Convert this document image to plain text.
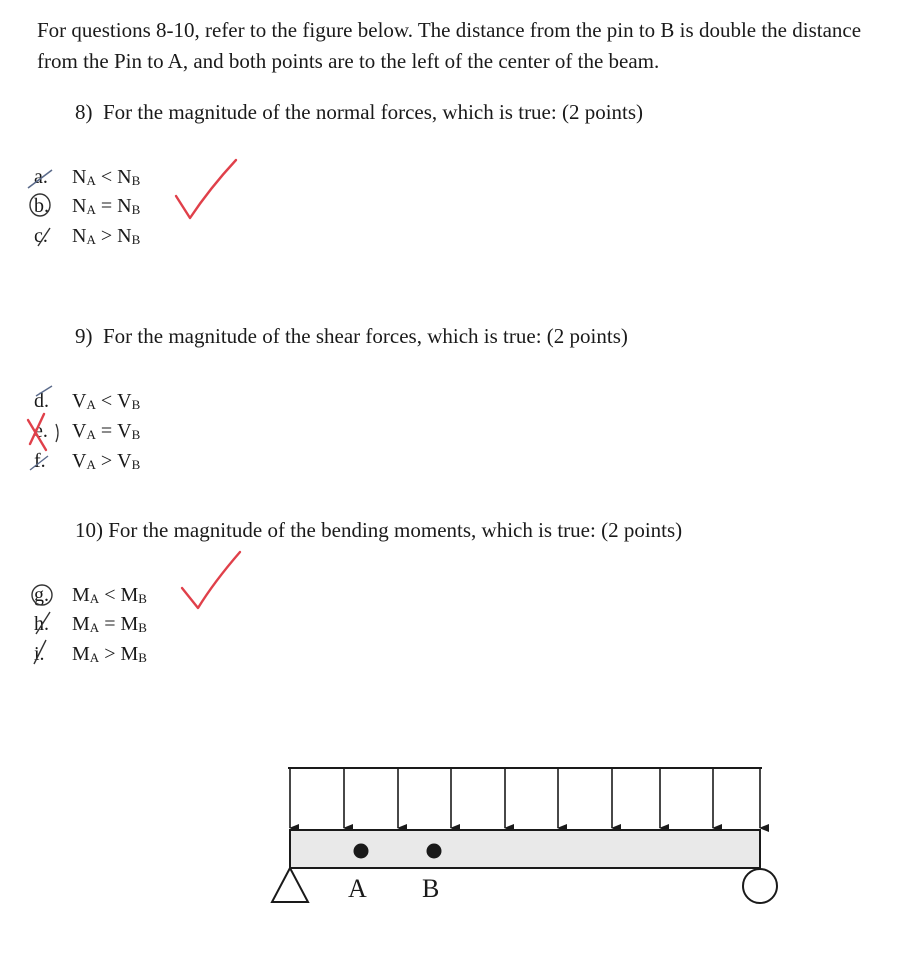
For questions 8-10, refer to the figure below. The distance from the pin to B is double the distance from the Pin to A, and both points are to the left of the center of the beam.

8) For the magnitude of the normal forces, which is true: (2 points)

a. $N_A < N_B$
b. $N_A = N_B$
c. $N_A > N_B$

9) For the magnitude of the shear forces, which is true: (2 points)

d. $V_A < V_B$
e. $V_A = V_B$
f. $V_A > V_B$

10) For the magnitude of the bending moments, which is true: (2 points)

g. $M_A < M_B$
h. $M_A = M_B$
i. $M_A > M_B$
A B
